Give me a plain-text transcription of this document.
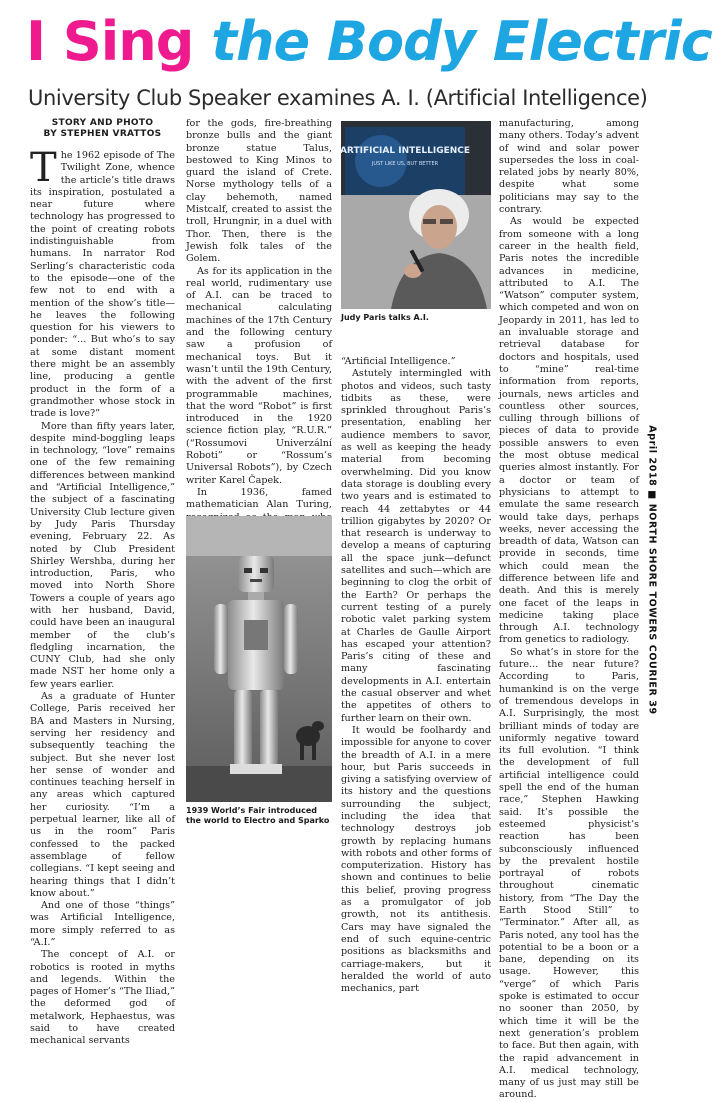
I Sing the Body Electric
University Club Speaker examines A. I. (Artificial Intelligence)
STORY AND PHOTO
BY STEPHEN VRATTOS

The 1962 episode of The Twilight Zone, whence the article’s title draws its inspiration, postulated a near future where technology has progressed to the point of creating robots indistinguishable from humans. In narrator Rod Serling’s characteristic coda to the episode—one of the few not to end with a mention of the show’s title—he leaves the following question for his viewers to ponder: “... But who’s to say at some distant moment there might be an assembly line, producing a gentle product in the form of a grandmother whose stock in trade is love?”

More than fifty years later, despite mind-boggling leaps in technology, “love” remains one of the few remaining differences between mankind and “Artificial Intelligence,” the subject of a fascinating University Club lecture given by Judy Paris Thursday evening, February 22. As noted by Club President Shirley Wershba, during her introduction, Paris, who moved into North Shore Towers a couple of years ago with her husband, David, could have been an inaugural member of the club’s fledgling incarnation, the CUNY Club, had she only made NST her home only a few years earlier.

As a graduate of Hunter College, Paris received her BA and Masters in Nursing, serving her residency and subsequently teaching the subject. But she never lost her sense of wonder and continues teaching herself in any areas which captured her curiosity. “I’m a perpetual learner, like all of us in the room” Paris confessed to the packed assemblage of fellow collegians. “I kept seeing and hearing things that I didn’t know about.”

And one of those “things” was Artificial Intelligence, more simply referred to as “A.I.”

The concept of A.I. or robotics is rooted in myths and legends. Within the pages of Homer’s “The Iliad,” the deformed god of metalwork, Hephaestus, was said to have created mechanical servants

for the gods, fire-breathing bronze bulls and the giant bronze statue Talus, bestowed to King Minos to guard the island of Crete. Norse mythology tells of a clay behemoth, named Mistcalf, created to assist the troll, Hrungnir, in a duel with Thor. Then, there is the Jewish folk tales of the Golem.

As for its application in the real world, rudimentary use of A.I. can be traced to mechanical calculating machines of the 17th Century and the following century saw a profusion of mechanical toys. But it wasn’t until the 19th Century, with the advent of the first programmable machines, that the word “Robot” is first introduced in the 1920 science fiction play, “R.U.R.” (“Rossumovi Univerzální Roboti” or “Rossum’s Universal Robots”), by Czech writer Karel Čapek.

In 1936, famed mathematician Alan Turing,

1939 World’s Fair introduced the world to Electro and Sparko
ARTIFICIAL INTELLIGENCE
JUST LIKE US, BUT BETTER
Judy Paris talks A.I.

“Artificial Intelligence.”

Astutely intermingled with photos and videos, such tasty tidbits as these, were sprinkled throughout Paris’s presentation, enabling her audience members to savor, as well as keeping the heady material from becoming overwhelming. Did you know data storage is doubling every two years and is estimated to reach 44 zettabytes or 44 trillion gigabytes by 2020? Or that research is underway to develop a means of capturing all the space junk—defunct satellites and such—which are beginning to clog the orbit of the Earth? Or perhaps the current testing of a purely robotic valet parking system at Charles de Gaulle Airport has escaped your attention? Paris’s citing of these and many fascinating developments in A.I. entertain the casual observer and whet the appetites of others to further learn on their own.

It would be foolhardy and impossible for anyone to cover the breadth of A.I. in a mere hour, but Paris succeeds in giving a satisfying overview of its history and the questions surrounding the subject, including the idea that technology destroys job growth by replacing humans with robots and other forms of computerization. History has shown and continues to belie this belief, proving progress as a promulgator of job growth, not its antithesis. Cars may have signaled the end of such equine-centric positions as blacksmiths and carriage-makers, but it heralded the world of auto mechanics, part

manufacturing, among many others. Today’s advent of wind and solar power supersedes the loss in coal-related jobs by nearly 80%, despite what some politicians may say to the contrary.

As would be expected from someone with a long career in the health field, Paris notes the incredible advances in medicine, attributed to A.I. The “Watson” computer system, which competed and won on Jeopardy in 2011, has led to an invaluable storage and retrieval database for doctors and hospitals, used to “mine” real-time information from reports, journals, news articles and countless other sources, culling through billions of pieces of data to provide possible answers to even the most obtuse medical queries almost instantly. For a doctor or team of physicians to attempt to emulate the same research would take days, perhaps weeks, never accessing the breadth of data, Watson can provide in seconds, time which could mean the difference between life and death. And this is merely one facet of the leaps in medicine taking place through A.I. technology from genetics to radiology.

So what’s in store for the future... the near future? According to Paris, humankind is on the verge of tremendous develops in A.I. Surprisingly, the most brilliant minds of today are uniformly negative toward its full evolution. “I think the development of full artificial intelligence could spell the end of the human race,” Stephen Hawking said. It’s possible the esteemed physicist’s reaction has been subconsciously influenced by the prevalent hostile portrayal of robots throughout cinematic history, from “The Day the Earth Stood Still” to “Terminator.” After all, as Paris noted, any tool has the potential to be a boon or a bane, depending on its usage. However, this “verge” of which Paris spoke is estimated to occur no sooner than 2050, by which time it will be the next generation’s problem to face. But then again, with the rapid advancement in A.I. medical technology, many of us just may still be around.

April 2018 ■ NORTH SHORE TOWERS COURIER 39
